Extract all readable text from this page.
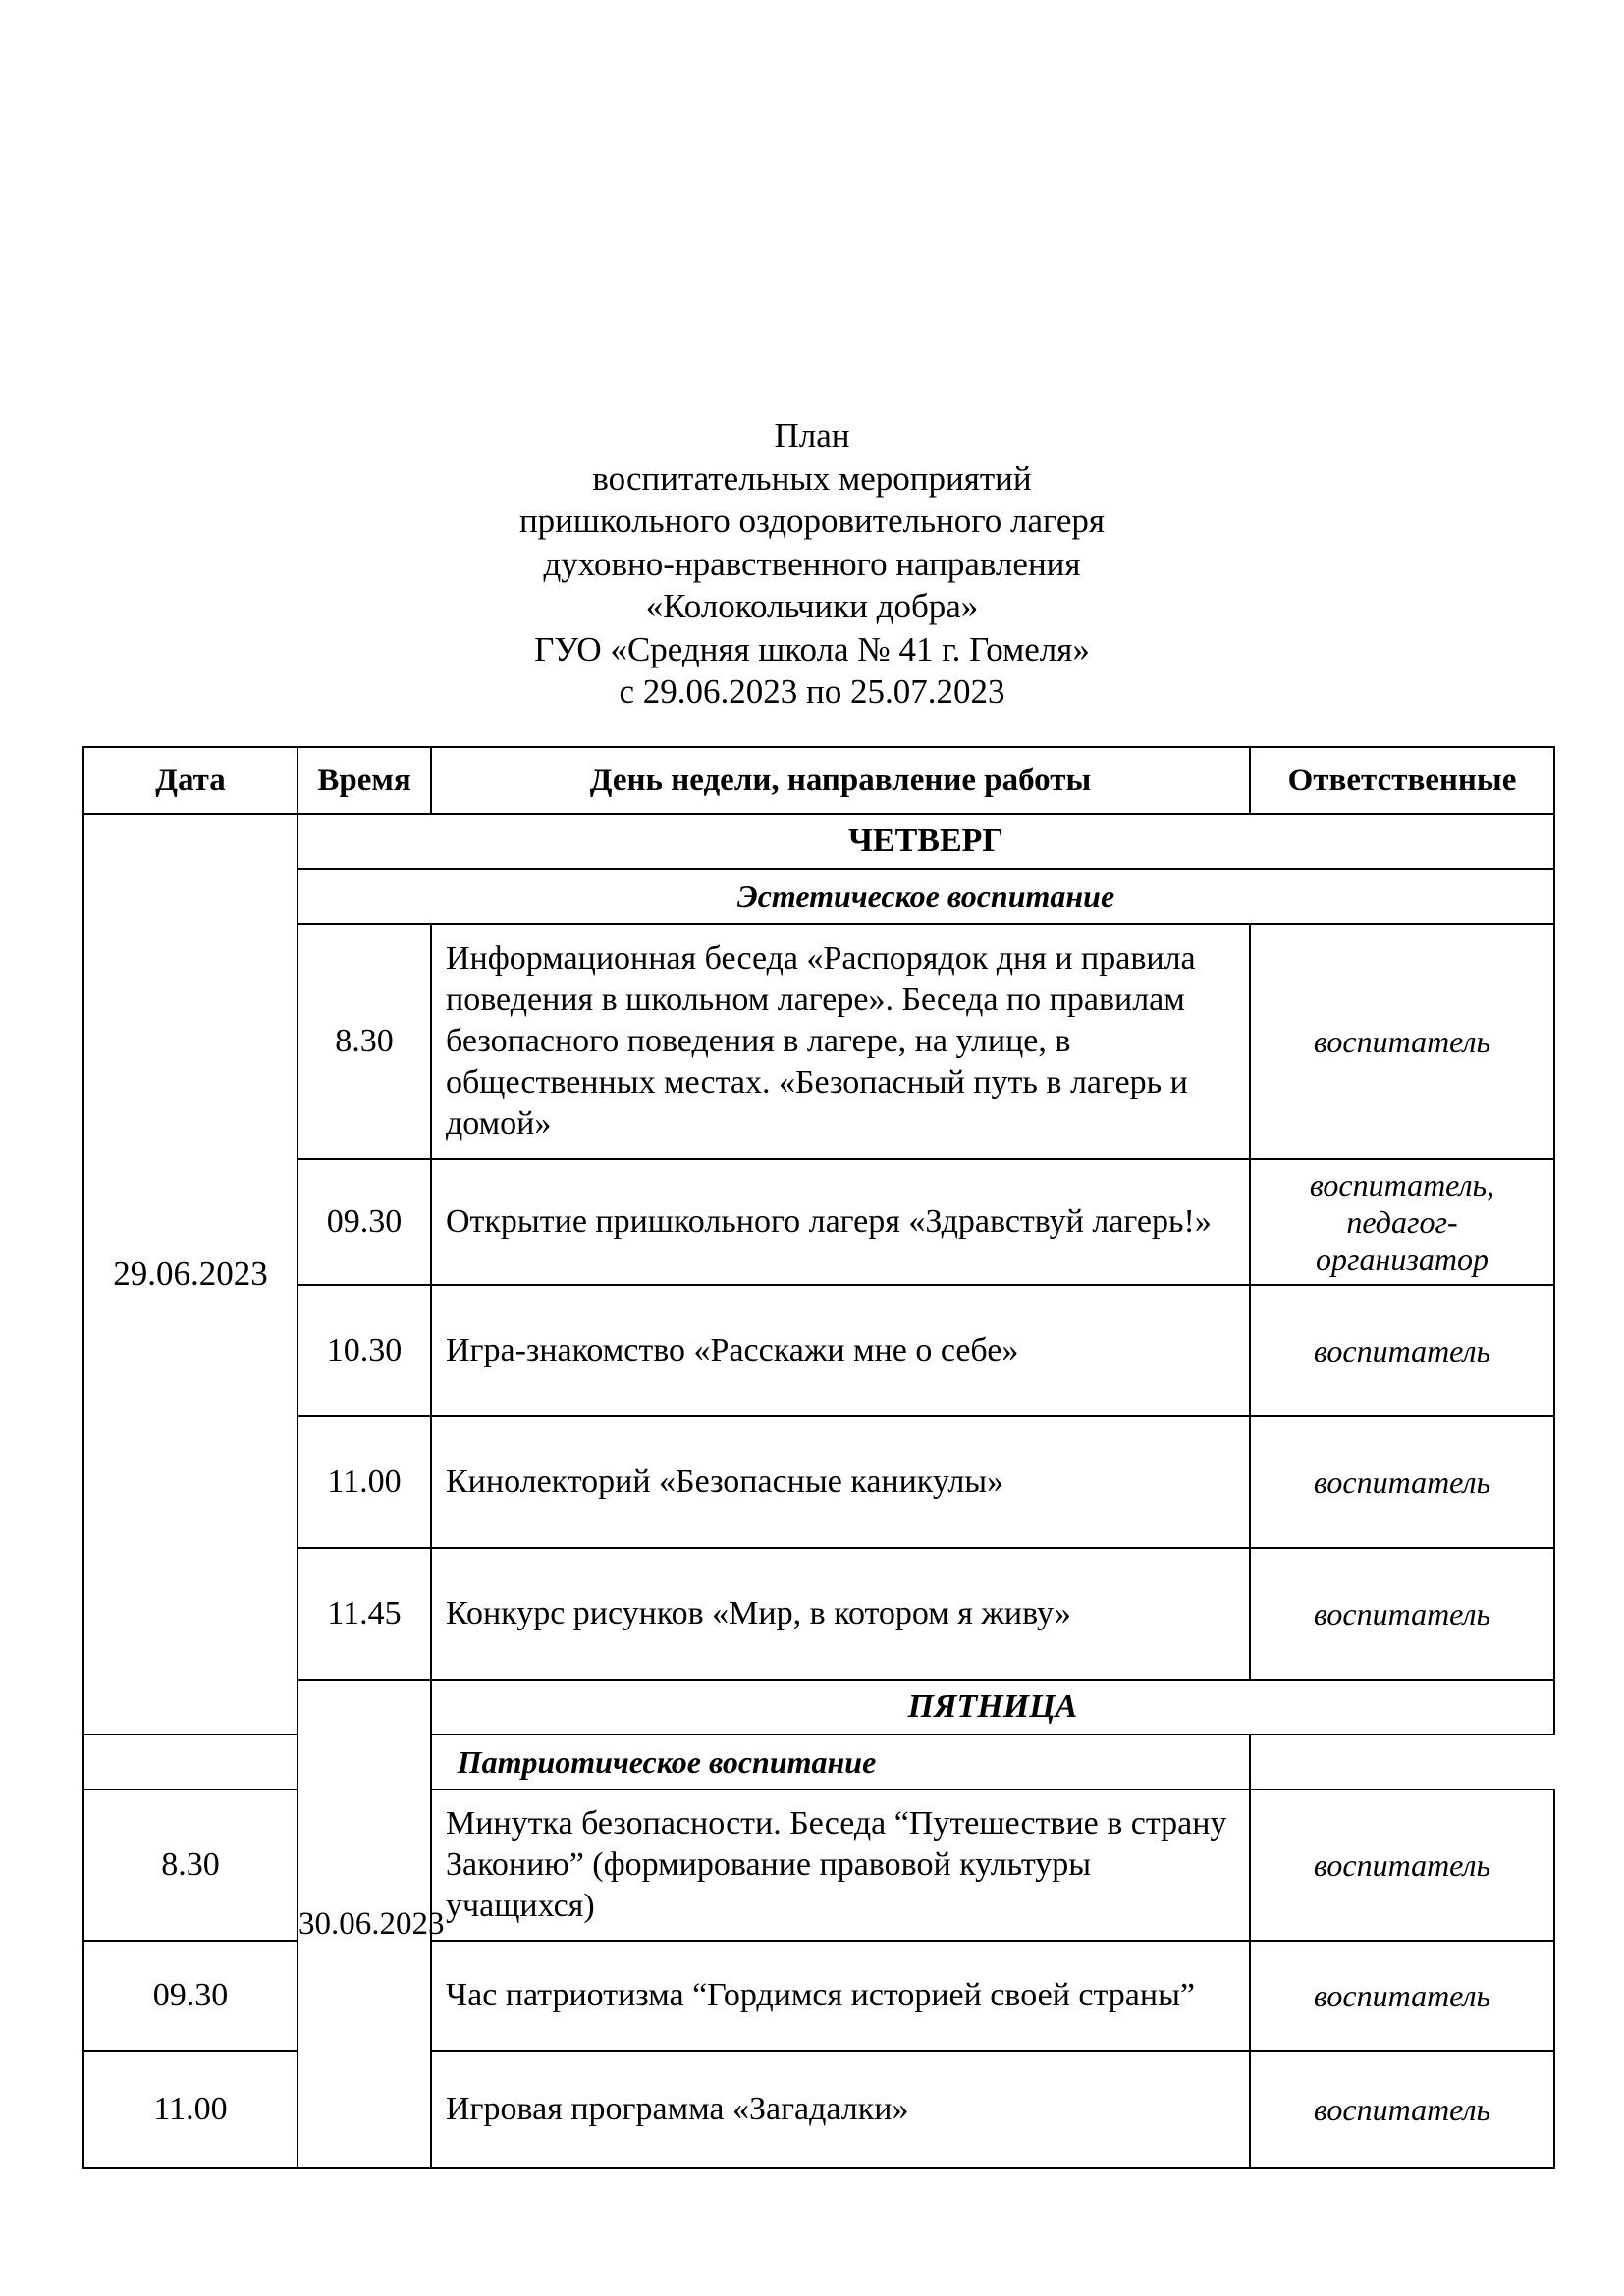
План
воспитательных мероприятий
пришкольного оздоровительного лагеря
духовно-нравственного направления
«Колокольчики добра»
ГУО «Средняя школа № 41 г. Гомеля»
с 29.06.2023 по 25.07.2023
Дата	Время	День недели, направление работы	Ответственные
29.06.2023	ЧЕТВЕРГ		
	Эстетическое воспитание		
	8.30	Информационная беседа «Распорядок дня и правила поведения в школьном лагере». Беседа по правилам безопасного поведения в лагере, на улице, в общественных местах. «Безопасный путь в лагерь и домой»	воспитатель
	09.30	Открытие пришкольного лагеря «Здравствуй лагерь!»	воспитатель, педагог-организатор
	10.30	Игра-знакомство «Расскажи мне о себе»	воспитатель
	11.00	Кинолекторий «Безопасные каникулы»	воспитатель
	11.45	Конкурс рисунков «Мир, в котором я живу»	воспитатель
	30.06.2023	ПЯТНИЦА	
Патриотическое воспитание			
8.30		Минутка безопасности. Беседа “Путешествие в страну Законию” (формирование правовой культуры учащихся)	воспитатель
09.30		Час патриотизма “Гордимся историей своей страны”	воспитатель
11.00		Игровая программа «Загадалки»	воспитатель
